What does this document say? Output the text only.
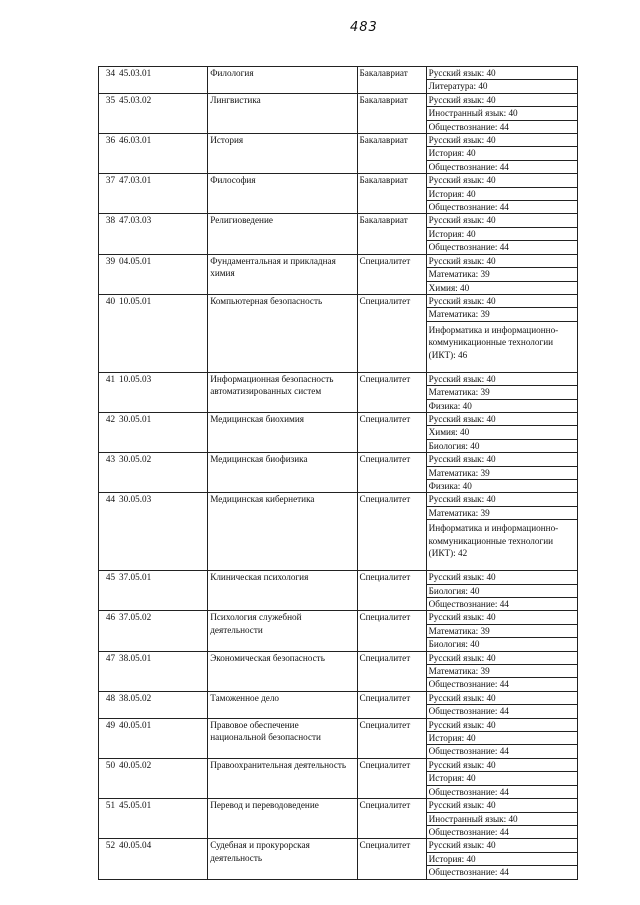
483
34	45.03.01	Филология	Бакалавриат	Русский язык: 40
				Литература: 40
35	45.03.02	Лингвистика	Бакалавриат	Русский язык: 40
				Иностранный язык: 40
				Обществознание: 44
36	46.03.01	История	Бакалавриат	Русский язык: 40
				История: 40
				Обществознание: 44
37	47.03.01	Философия	Бакалавриат	Русский язык: 40
				История: 40
				Обществознание: 44
38	47.03.03	Религиоведение	Бакалавриат	Русский язык: 40
				История: 40
				Обществознание: 44
39	04.05.01	Фундаментальная и прикладная химия	Специалитет	Русский язык: 40
				Математика: 39
				Химия: 40
40	10.05.01	Компьютерная безопасность	Специалитет	Русский язык: 40
				Математика: 39
				Информатика и информационно-коммуникационные технологии (ИКТ): 46
41	10.05.03	Информационная безопасность автоматизированных систем	Специалитет	Русский язык: 40
				Математика: 39
				Физика: 40
42	30.05.01	Медицинская биохимия	Специалитет	Русский язык: 40
				Химия: 40
				Биология: 40
43	30.05.02	Медицинская биофизика	Специалитет	Русский язык: 40
				Математика: 39
				Физика: 40
44	30.05.03	Медицинская кибернетика	Специалитет	Русский язык: 40
				Математика: 39
				Информатика и информационно-коммуникационные технологии (ИКТ): 42
45	37.05.01	Клиническая психология	Специалитет	Русский язык: 40
				Биология: 40
				Обществознание: 44
46	37.05.02	Психология служебной деятельности	Специалитет	Русский язык: 40
				Математика: 39
				Биология: 40
47	38.05.01	Экономическая безопасность	Специалитет	Русский язык: 40
				Математика: 39
				Обществознание: 44
48	38.05.02	Таможенное дело	Специалитет	Русский язык: 40
				Обществознание: 44
49	40.05.01	Правовое обеспечение национальной безопасности	Специалитет	Русский язык: 40
				История: 40
				Обществознание: 44
50	40.05.02	Правоохранительная деятельность	Специалитет	Русский язык: 40
				История: 40
				Обществознание: 44
51	45.05.01	Перевод и переводоведение	Специалитет	Русский язык: 40
				Иностранный язык: 40
				Обществознание: 44
52	40.05.04	Судебная и прокурорская деятельность	Специалитет	Русский язык: 40
				История: 40
				Обществознание: 44
